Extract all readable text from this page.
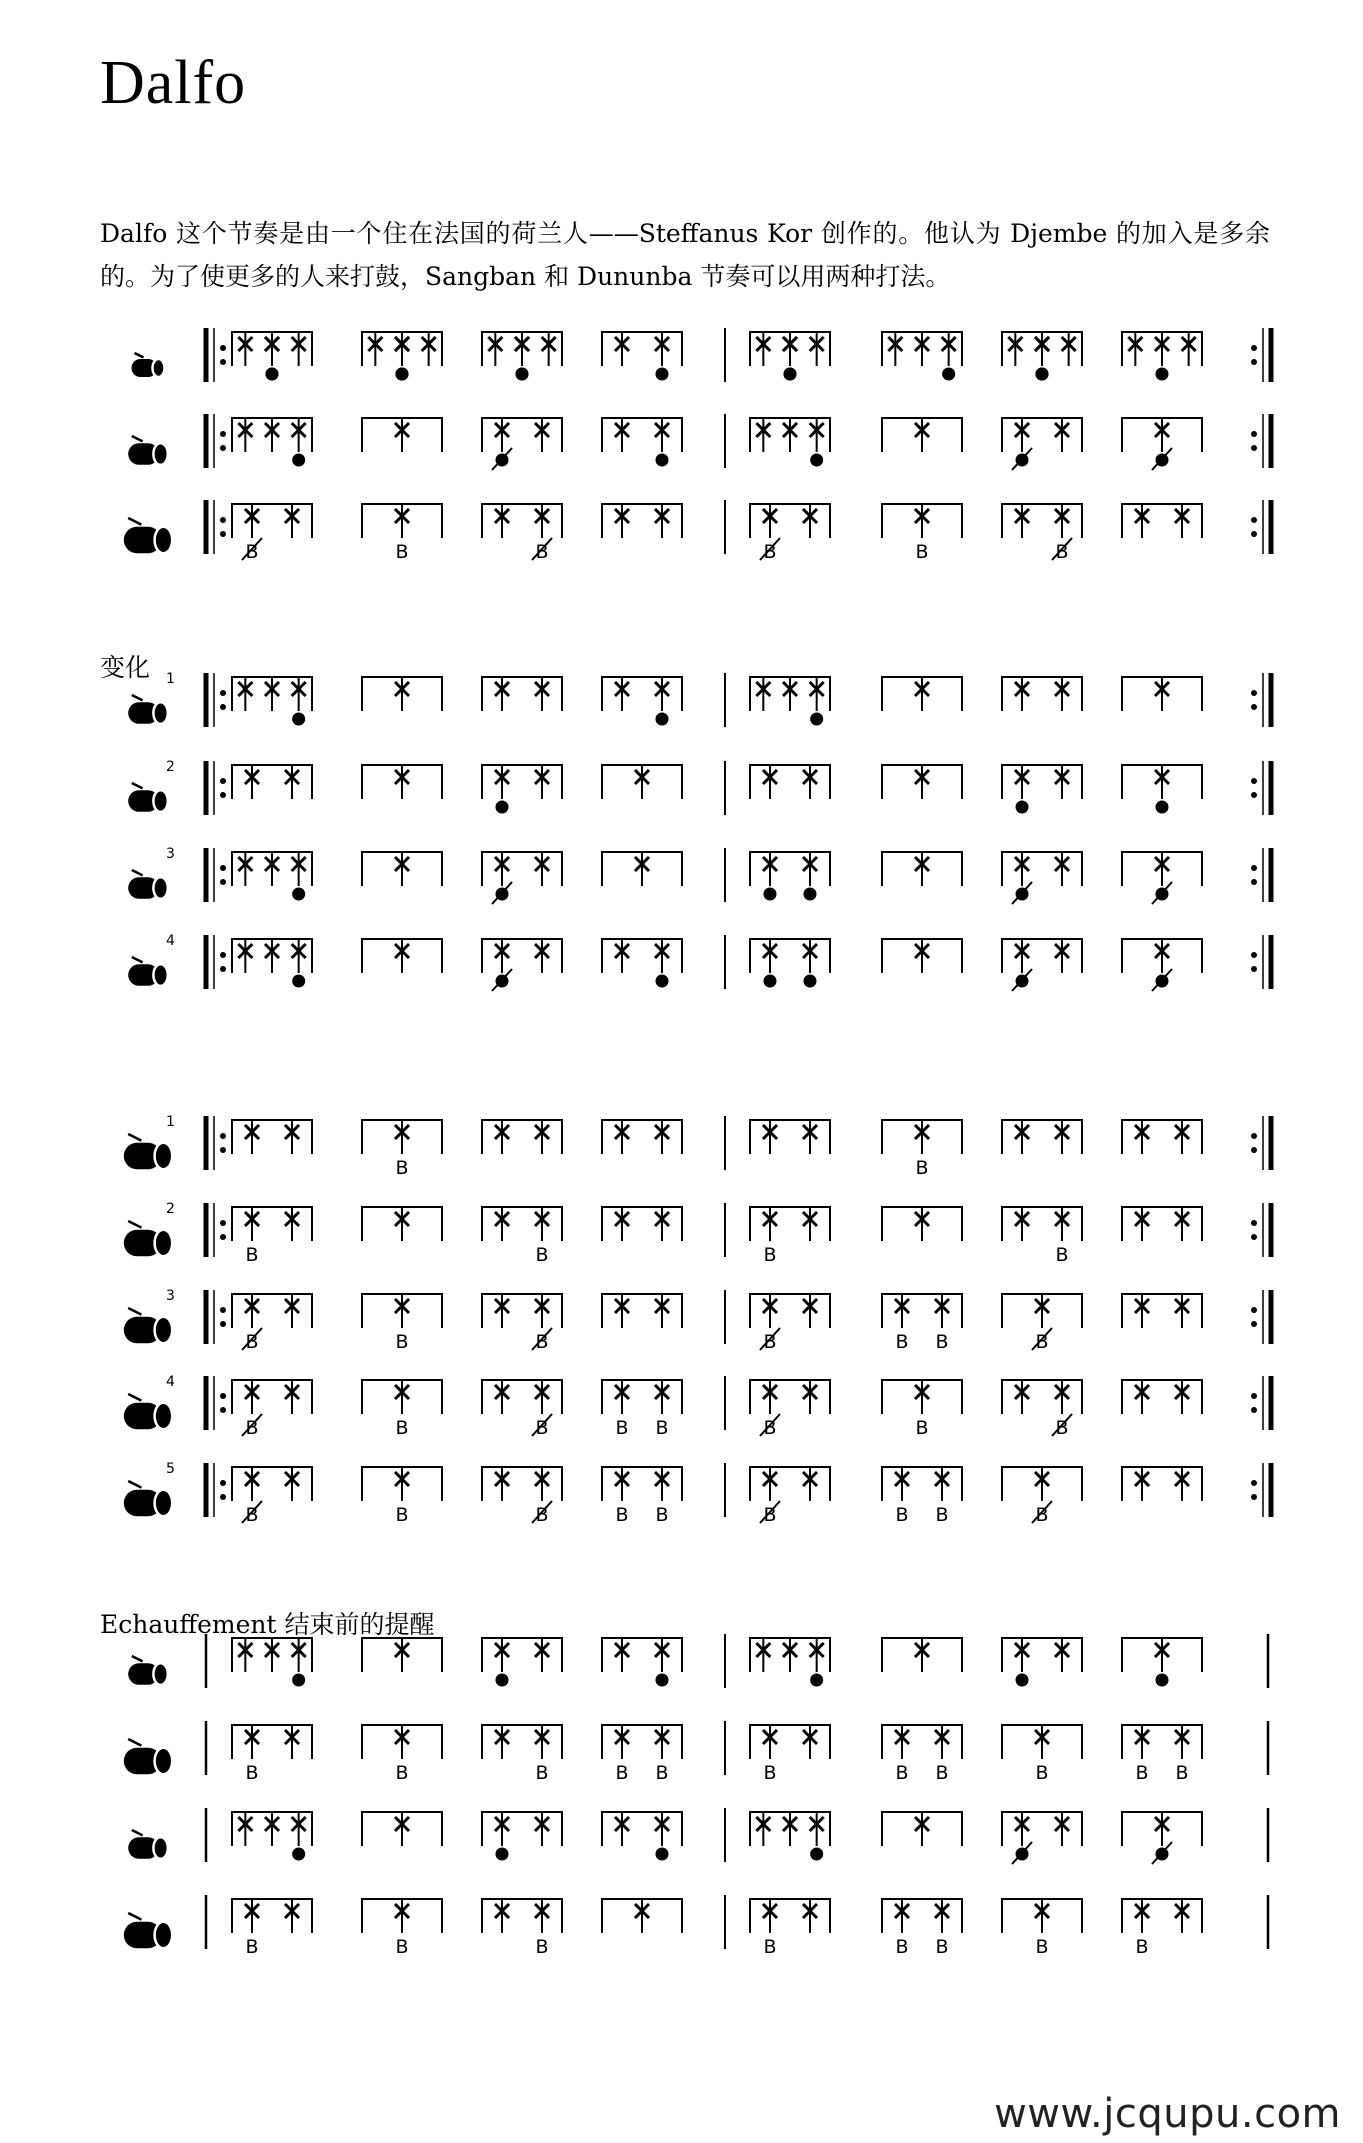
Dalfo

Dalfo 这个节奏是由一个住在法国的荷兰人——Steffanus Kor 创作的。他认为 Djembe 的加入是多余的。为了使更多的人来打鼓，Sangban 和 Dununba 节奏可以用两种打法。

变化
Echauffement 结束前的提醒
www.jcqupu.com
B	B	B	B	B	B
1
2
3
4
1
B	B
2
B	B	B	B
3
B	B	B	B	B B	B
4
B	B	B	B B	B	B	B
5
B	B	B	B B	B	B B	B
B	B	B	B B	B	B B	B	B B
B	B	B	B	B B	B	B
